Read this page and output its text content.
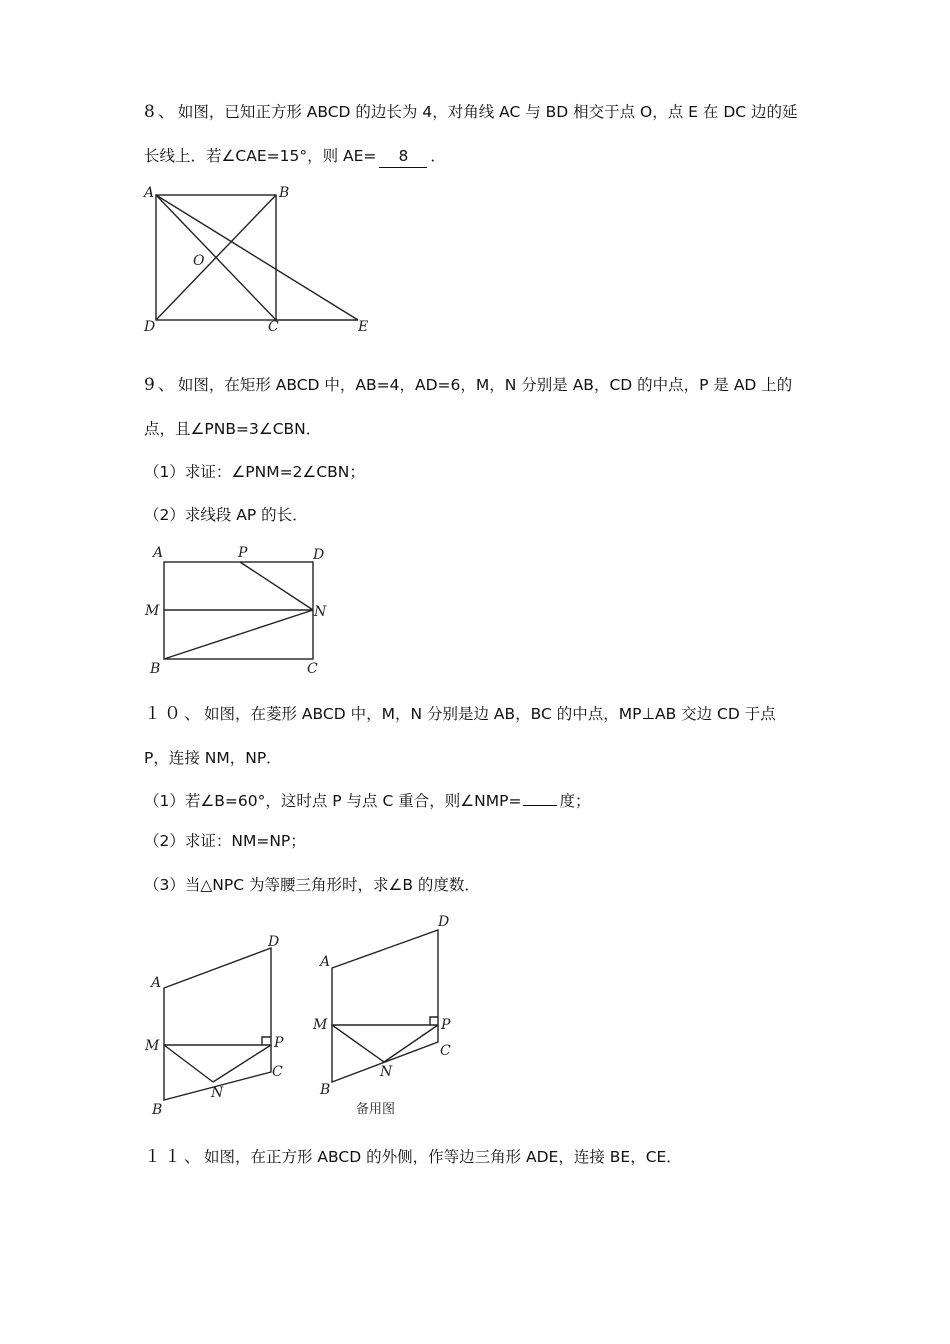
8、如图，已知正方形 ABCD 的边长为 4，对角线 AC 与 BD 相交于点 O，点 E 在 DC 边的延
长线上．若∠CAE=15°，则 AE= 8 ．
A	B
O
D	C	E
A	P	D
M	N
B	C
A
D
M	P
C
N
B
A
D
M	P
C
N
B
备用图
9、如图，在矩形 ABCD 中，AB=4，AD=6，M，N 分别是 AB，CD 的中点，P 是 AD 上的
点，且∠PNB=3∠CBN．
（1）求证：∠PNM=2∠CBN；
（2）求线段 AP 的长．
１０、如图，在菱形 ABCD 中，M，N 分别是边 AB，BC 的中点，MP⊥AB 交边 CD 于点
P，连接 NM，NP．
（1）若∠B=60°，这时点 P 与点 C 重合，则∠NMP= 度；
（2）求证：NM=NP；
（3）当△NPC 为等腰三角形时，求∠B 的度数．
１１、如图，在正方形 ABCD 的外侧，作等边三角形 ADE，连接 BE，CE．
